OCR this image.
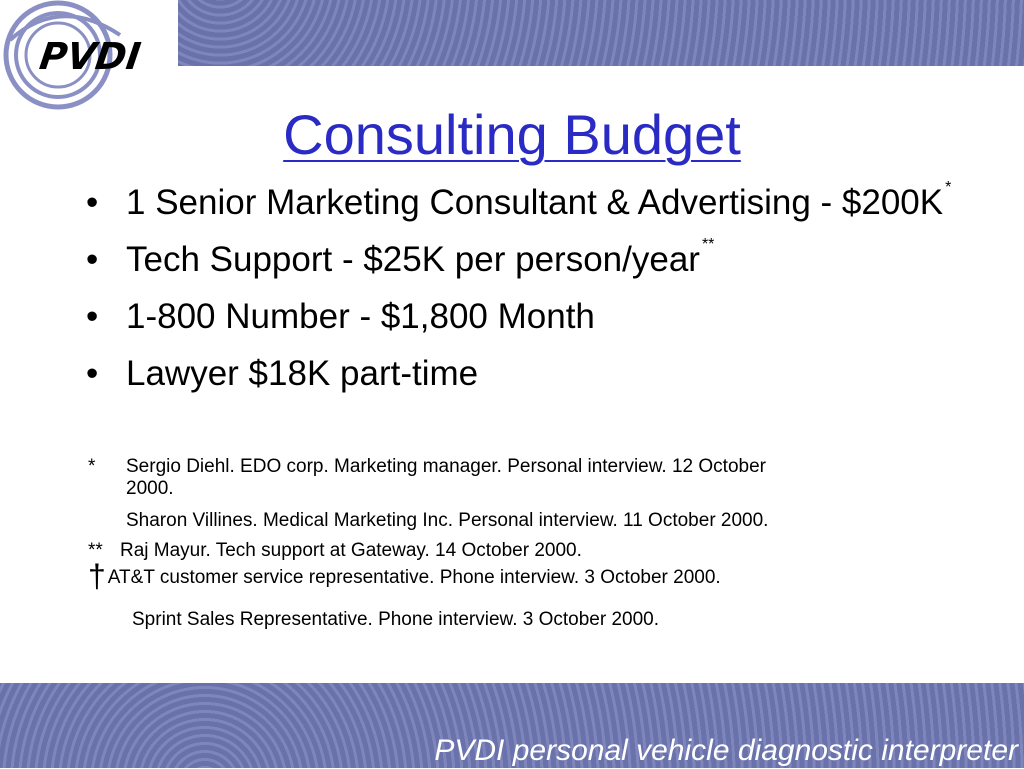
PVDI
Consulting Budget
• 1 Senior Marketing Consultant & Advertising - $200K *
• Tech Support - $25K per person/year **
• 1-800 Number - $1,800 Month
• Lawyer $18K part-time
* Sergio Diehl. EDO corp. Marketing manager. Personal interview. 12 October
2000.
Sharon Villines. Medical Marketing Inc. Personal interview. 11 October 2000.
** Raj Mayur. Tech support at Gateway. 14 October 2000.
† AT&T customer service representative. Phone interview. 3 October 2000.
Sprint Sales Representative. Phone interview. 3 October 2000.
PVDI personal vehicle diagnostic interpreter
